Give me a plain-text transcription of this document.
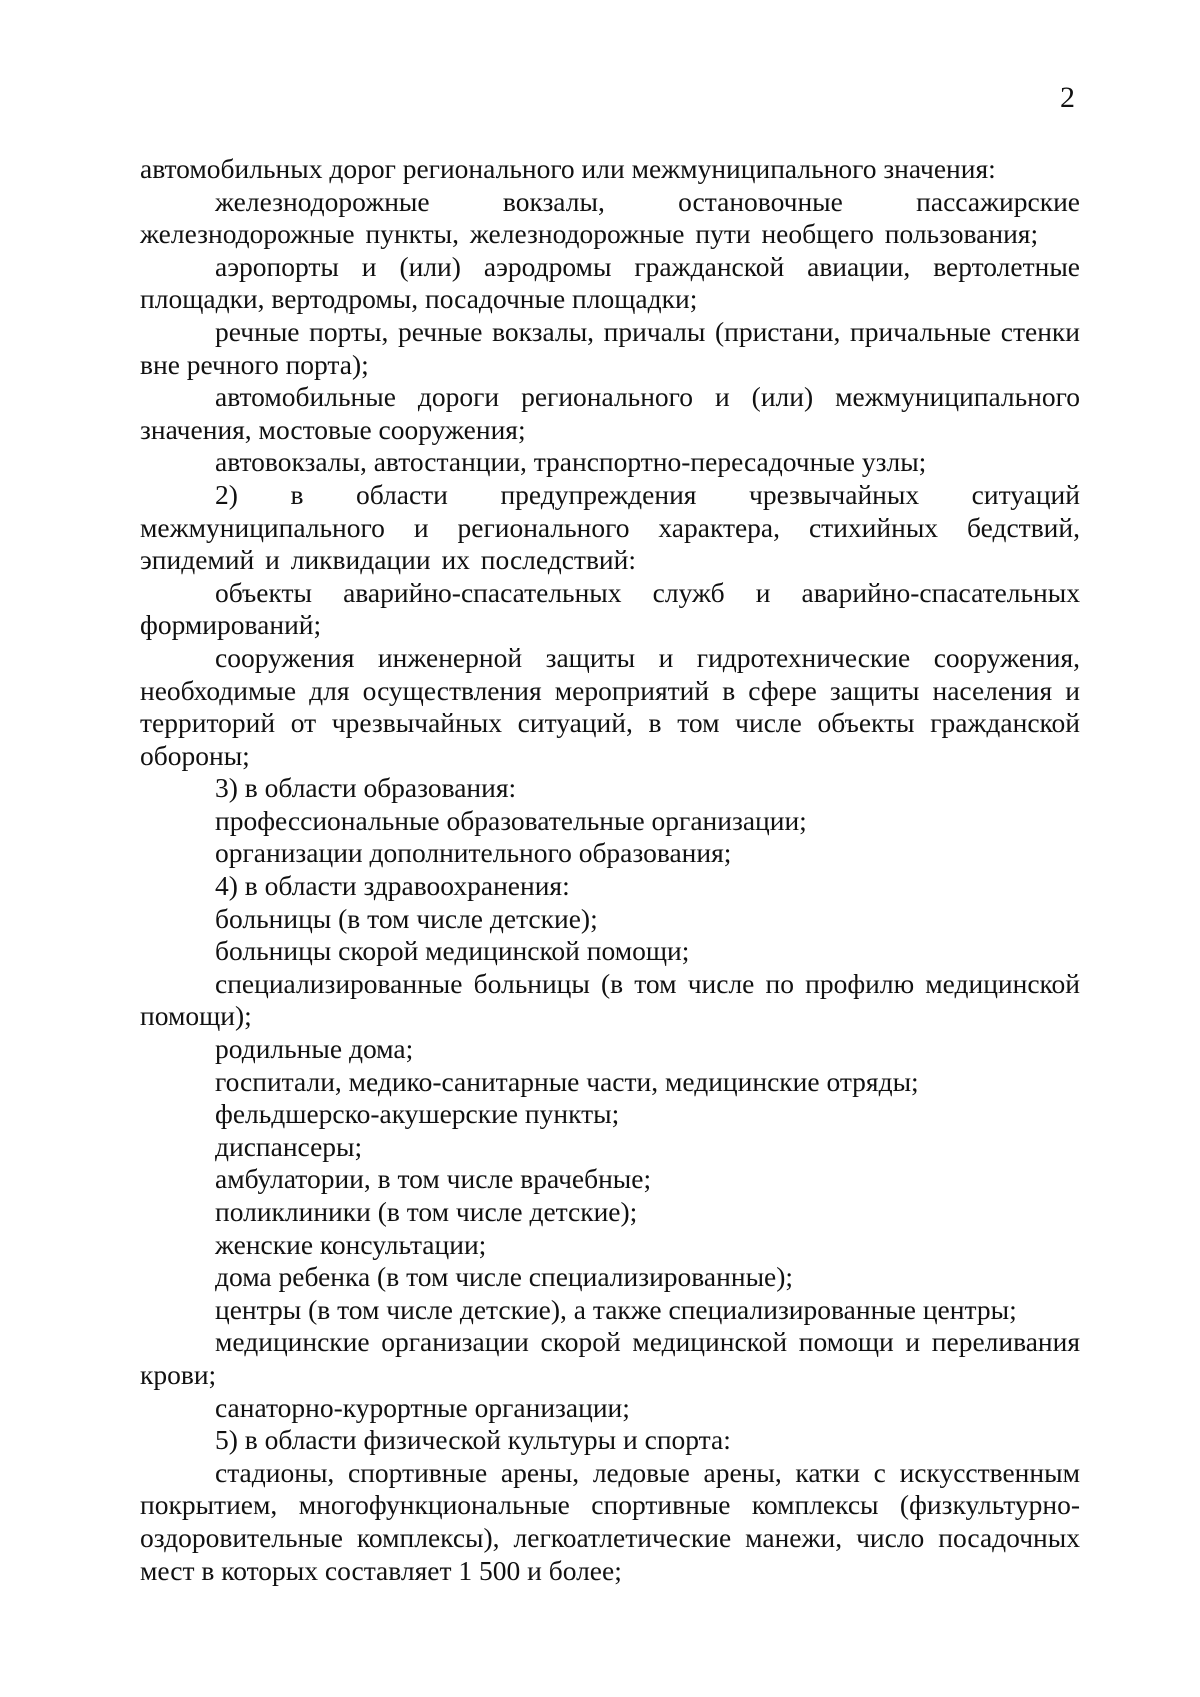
2

автомобильных дорог регионального или межмуниципального значения:

железнодорожные вокзалы, остановочные пассажирские железнодорожные пункты, железнодорожные пути необщего пользования;

аэропорты и (или) аэродромы гражданской авиации, вертолетные площадки, вертодромы, посадочные площадки;

речные порты, речные вокзалы, причалы (пристани, причальные стенки вне речного порта);

автомобильные дороги регионального и (или) межмуниципального значения, мостовые сооружения;

автовокзалы, автостанции, транспортно-пересадочные узлы;

2) в области предупреждения чрезвычайных ситуаций межмуниципального и регионального характера, стихийных бедствий, эпидемий и ликвидации их последствий:

объекты аварийно-спасательных служб и аварийно-спасательных формирований;

сооружения инженерной защиты и гидротехнические сооружения, необходимые для осуществления мероприятий в сфере защиты населения и территорий от чрезвычайных ситуаций, в том числе объекты гражданской обороны;

3) в области образования:

профессиональные образовательные организации;

организации дополнительного образования;

4) в области здравоохранения:

больницы (в том числе детские);

больницы скорой медицинской помощи;

специализированные больницы (в том числе по профилю медицинской помощи);

родильные дома;

госпитали, медико-санитарные части, медицинские отряды;

фельдшерско-акушерские пункты;

диспансеры;

амбулатории, в том числе врачебные;

поликлиники (в том числе детские);

женские консультации;

дома ребенка (в том числе специализированные);

центры (в том числе детские), а также специализированные центры;

медицинские организации скорой медицинской помощи и переливания крови;

санаторно-курортные организации;

5) в области физической культуры и спорта:

стадионы, спортивные арены, ледовые арены, катки с искусственным покрытием, многофункциональные спортивные комплексы (физкультурно-оздоровительные комплексы), легкоатлетические манежи, число посадочных мест в которых составляет 1 500 и более;
